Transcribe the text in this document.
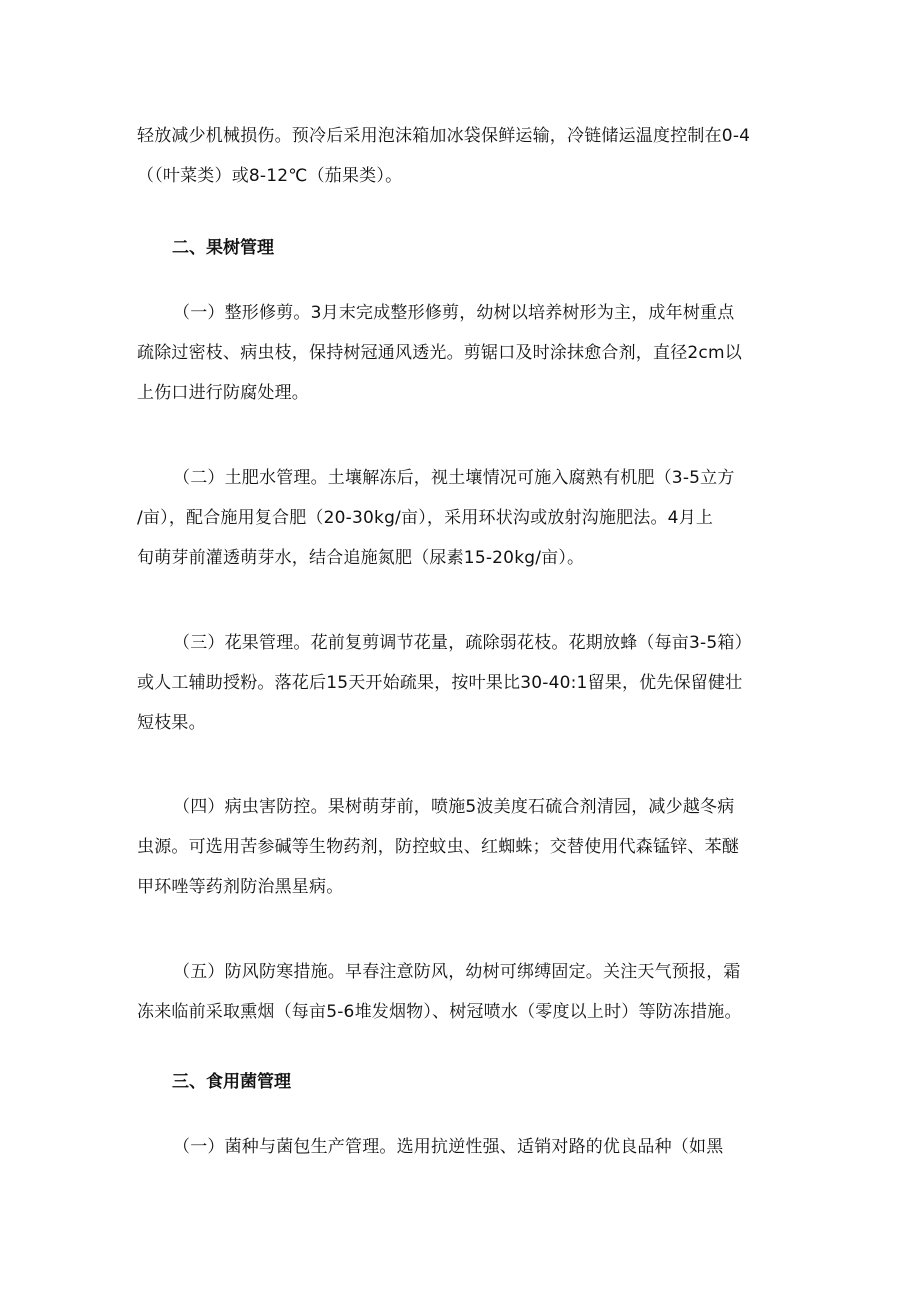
轻放减少机械损伤。预冷后采用泡沫箱加冰袋保鲜运输，冷链储运温度控制在0-4
（（叶菜类）或8-12℃（茄果类）。
二、果树管理
（一）整形修剪。3月末完成整形修剪，幼树以培养树形为主，成年树重点
疏除过密枝、病虫枝，保持树冠通风透光。剪锯口及时涂抹愈合剂，直径2cm以
上伤口进行防腐处理。
（二）土肥水管理。土壤解冻后，视土壤情况可施入腐熟有机肥（3-5立方
/亩），配合施用复合肥（20-30kg/亩），采用环状沟或放射沟施肥法。4月上
旬萌芽前灌透萌芽水，结合追施氮肥（尿素15-20kg/亩）。
（三）花果管理。花前复剪调节花量，疏除弱花枝。花期放蜂（每亩3-5箱）
或人工辅助授粉。落花后15天开始疏果，按叶果比30-40:1留果，优先保留健壮
短枝果。
（四）病虫害防控。果树萌芽前，喷施5波美度石硫合剂清园，减少越冬病
虫源。可选用苦参碱等生物药剂，防控蚊虫、红蜘蛛；交替使用代森锰锌、苯醚
甲环唑等药剂防治黑星病。
（五）防风防寒措施。早春注意防风，幼树可绑缚固定。关注天气预报，霜
冻来临前采取熏烟（每亩5-6堆发烟物）、树冠喷水（零度以上时）等防冻措施。
三、食用菌管理
（一）菌种与菌包生产管理。选用抗逆性强、适销对路的优良品种（如黑
